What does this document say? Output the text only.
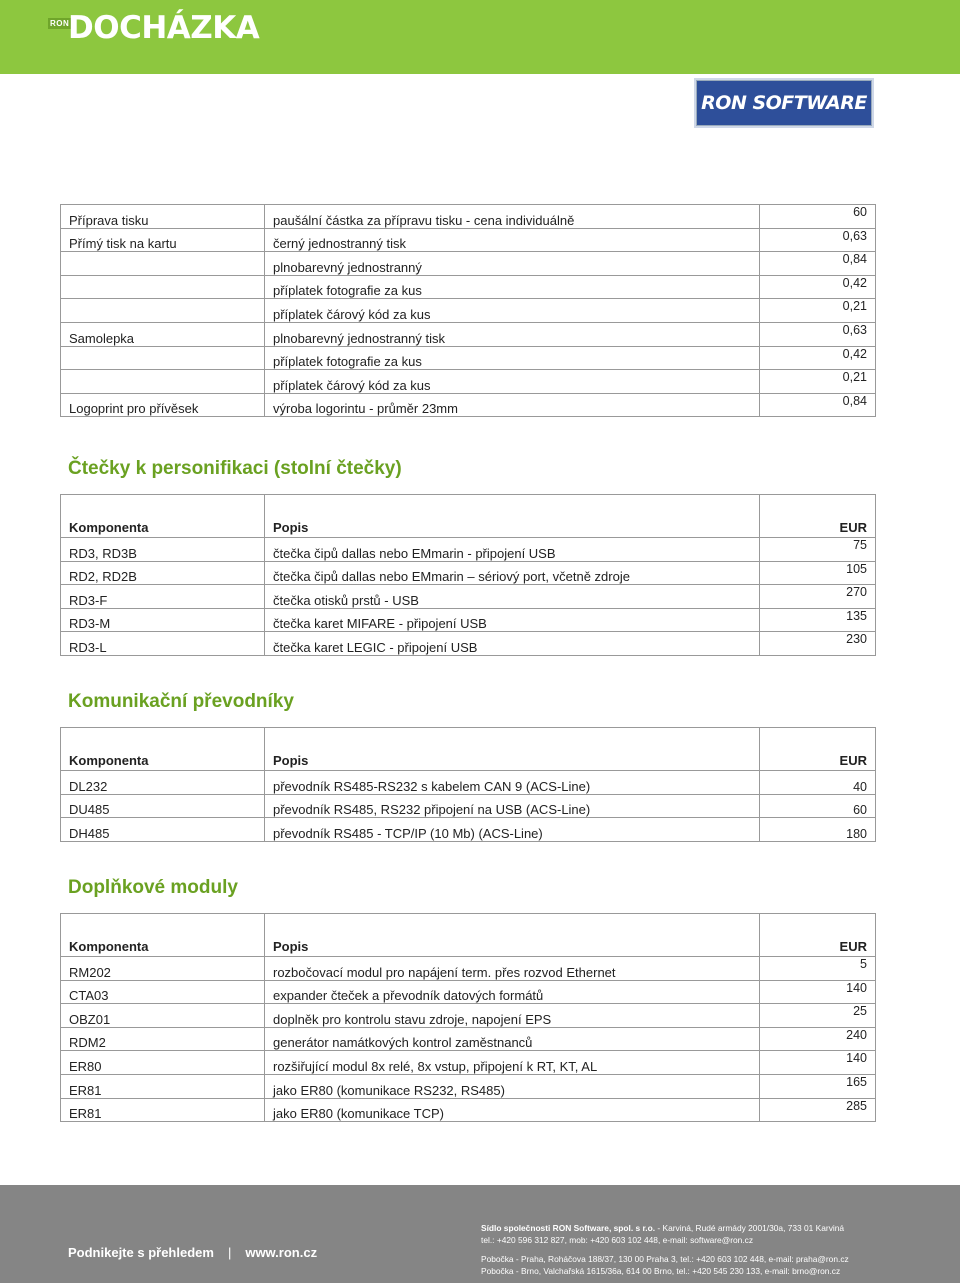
RON
DOCHÁZKA
RON SOFTWARE
Příprava tisku	paušální částka za přípravu tisku - cena individuálně	60
Přímý tisk na kartu	černý jednostranný tisk	0,63
	plnobarevný jednostranný	0,84
	příplatek fotografie za kus	0,42
	příplatek čárový kód za kus	0,21
Samolepka	plnobarevný jednostranný tisk	0,63
	příplatek fotografie za kus	0,42
	příplatek čárový kód za kus	0,21
Logoprint pro přívěsek	výroba logorintu - průměr 23mm	0,84
Čtečky k personifikaci (stolní čtečky)
Komponenta	Popis	EUR
RD3, RD3B	čtečka čipů dallas nebo EMmarin - připojení USB	75
RD2, RD2B	čtečka čipů dallas nebo EMmarin – sériový port, včetně zdroje	105
RD3-F	čtečka otisků prstů - USB	270
RD3-M	čtečka karet MIFARE - připojení USB	135
RD3-L	čtečka karet LEGIC - připojení USB	230
Komunikační převodníky
Komponenta	Popis	EUR
DL232	převodník RS485-RS232 s kabelem CAN 9 (ACS-Line)	40
DU485	převodník RS485, RS232 připojení na USB (ACS-Line)	60
DH485	převodník RS485 - TCP/IP (10 Mb) (ACS-Line)	180
Doplňkové moduly
Komponenta	Popis	EUR
RM202	rozbočovací modul pro napájení term. přes rozvod Ethernet	5
CTA03	expander čteček a převodník datových formátů	140
OBZ01	doplněk pro kontrolu stavu zdroje, napojení EPS	25
RDM2	generátor namátkových kontrol zaměstnanců	240
ER80	rozšiřující modul 8x relé, 8x vstup, připojení k RT, KT, AL	140
ER81	jako ER80 (komunikace RS232, RS485)	165
ER81	jako ER80 (komunikace TCP)	285
Podnikejte s přehledem | www.ron.cz
Sídlo společnosti RON Software, spol. s r.o. - Karviná, Rudé armády 2001/30a, 733 01 Karviná
tel.: +420 596 312 827, mob: +420 603 102 448, e-mail: software@ron.cz
Pobočka - Praha, Roháčova 188/37, 130 00 Praha 3, tel.: +420 603 102 448, e-mail: praha@ron.cz
Pobočka - Brno, Valchařská 1615/36a, 614 00 Brno, tel.: +420 545 230 133, e-mail: brno@ron.cz
